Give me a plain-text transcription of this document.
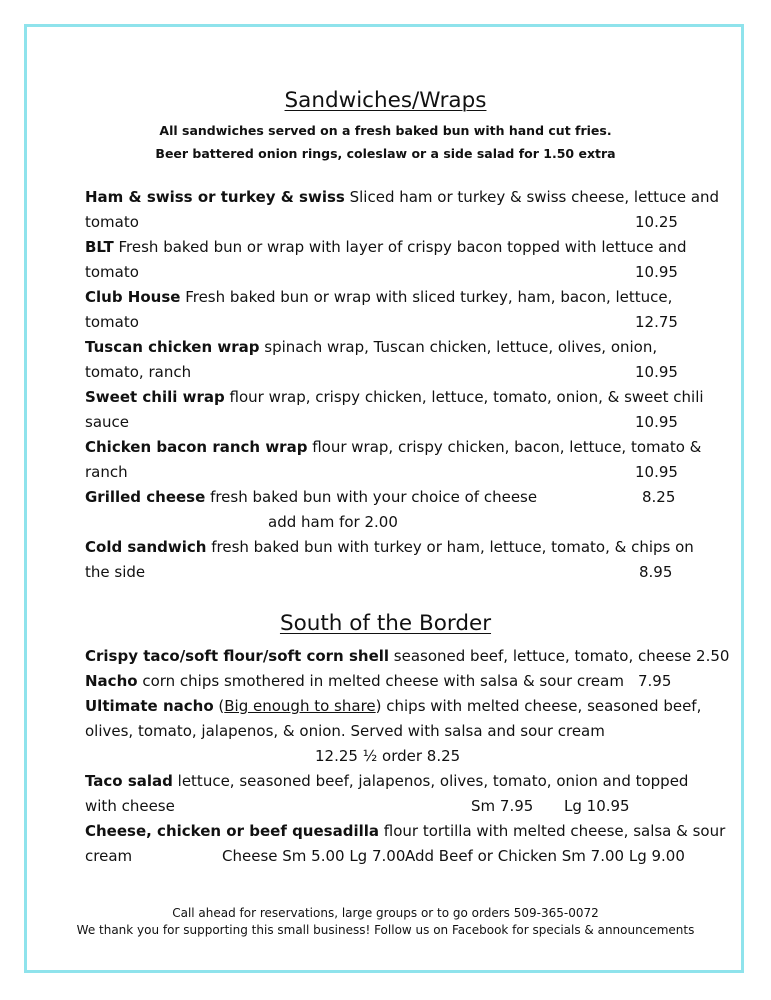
Sandwiches/Wraps
All sandwiches served on a fresh baked bun with hand cut fries.
Beer battered onion rings, coleslaw or a side salad for 1.50 extra
Ham & swiss or turkey & swiss Sliced ham or turkey & swiss cheese, lettuce and
tomato	10.25
BLT Fresh baked bun or wrap with layer of crispy bacon topped with lettuce and
tomato	10.95
Club House Fresh baked bun or wrap with sliced turkey, ham, bacon, lettuce,
tomato	12.75
Tuscan chicken wrap spinach wrap, Tuscan chicken, lettuce, olives, onion,
tomato, ranch	10.95
Sweet chili wrap flour wrap, crispy chicken, lettuce, tomato, onion, & sweet chili
sauce	10.95
Chicken bacon ranch wrap flour wrap, crispy chicken, bacon, lettuce, tomato &
ranch	10.95
Grilled cheese fresh baked bun with your choice of cheese	8.25
add ham for 2.00
Cold sandwich fresh baked bun with turkey or ham, lettuce, tomato, & chips on
the side	8.95
South of the Border
Crispy taco/soft flour/soft corn shell seasoned beef, lettuce, tomato, cheese 2.50
Nacho corn chips smothered in melted cheese with salsa & sour cream 7.95
Ultimate nacho (Big enough to share) chips with melted cheese, seasoned beef,
olives, tomato, jalapenos, & onion. Served with salsa and sour cream
12.25 ½ order 8.25
Taco salad lettuce, seasoned beef, jalapenos, olives, tomato, onion and topped
with cheese	Sm 7.95 Lg 10.95
Cheese, chicken or beef quesadilla flour tortilla with melted cheese, salsa & sour
cream	Cheese Sm 5.00 Lg 7.00 Add Beef or Chicken Sm 7.00 Lg 9.00
Call ahead for reservations, large groups or to go orders 509-365-0072
We thank you for supporting this small business! Follow us on Facebook for specials & announcements
